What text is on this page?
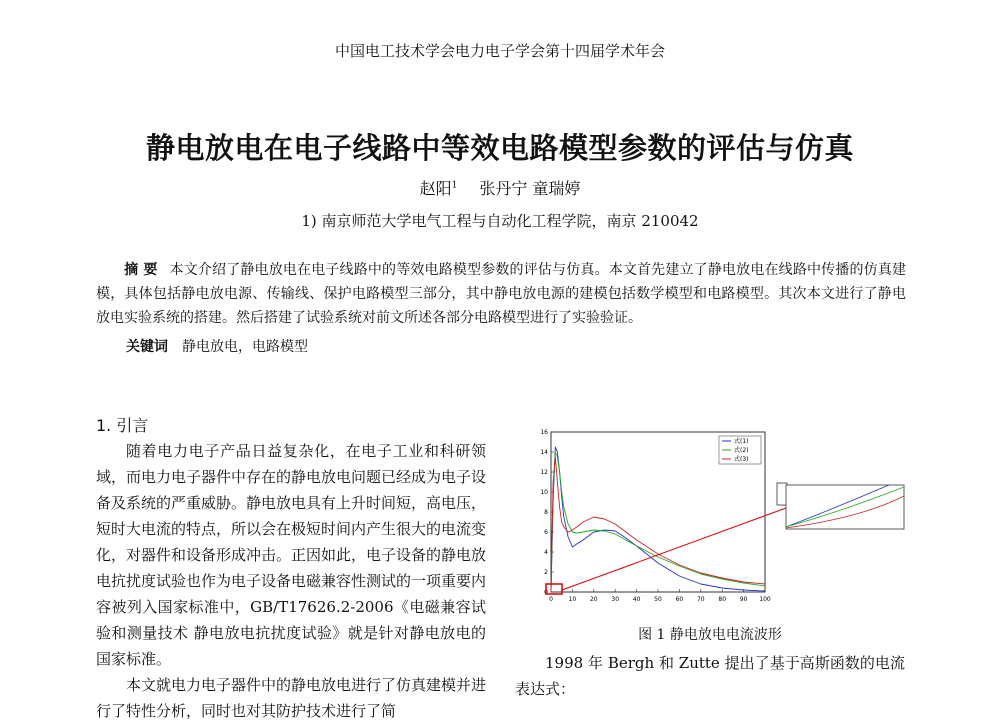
中国电工技术学会电力电子学会第十四届学术年会
静电放电在电子线路中等效电路模型参数的评估与仿真
赵阳$^1$ 张丹宁 童瑞婷
1) 南京师范大学电气工程与自动化工程学院，南京 210042
摘 要 本文介绍了静电放电在电子线路中的等效电路模型参数的评估与仿真。本文首先建立了静电放电在线路中传播的仿真建模，具体包括静电放电源、传输线、保护电路模型三部分，其中静电放电源的建模包括数学模型和电路模型。其次本文进行了静电放电实验系统的搭建。然后搭建了试验系统对前文所述各部分电路模型进行了实验验证。
关键词 静电放电，电路模型
1. 引言

随着电力电子产品日益复杂化，在电子工业和科研领域，而电力电子器件中存在的静电放电问题已经成为电子设备及系统的严重威胁。静电放电具有上升时间短，高电压，短时大电流的特点，所以会在极短时间内产生很大的电流变化，对器件和设备形成冲击。正因如此，电子设备的静电放电抗扰度试验也作为电子设备电磁兼容性测试的一项重要内容被列入国家标准中，GB/T17626.2-2006《电磁兼容试验和测量技术 静电放电抗扰度试验》就是针对静电放电的国家标准。

本文就电力电子器件中的静电放电进行了仿真建模并进行了特性分析，同时也对其防护技术进行了简

0	10 20 30 40 50 60 70 80 90 100
0
2
4
6
8
10
12
14
16
式(1)
式(2)
式(3)
图 1 静电放电电流波形

1998 年 Bergh 和 Zutte 提出了基于高斯函数的电流表达式：
